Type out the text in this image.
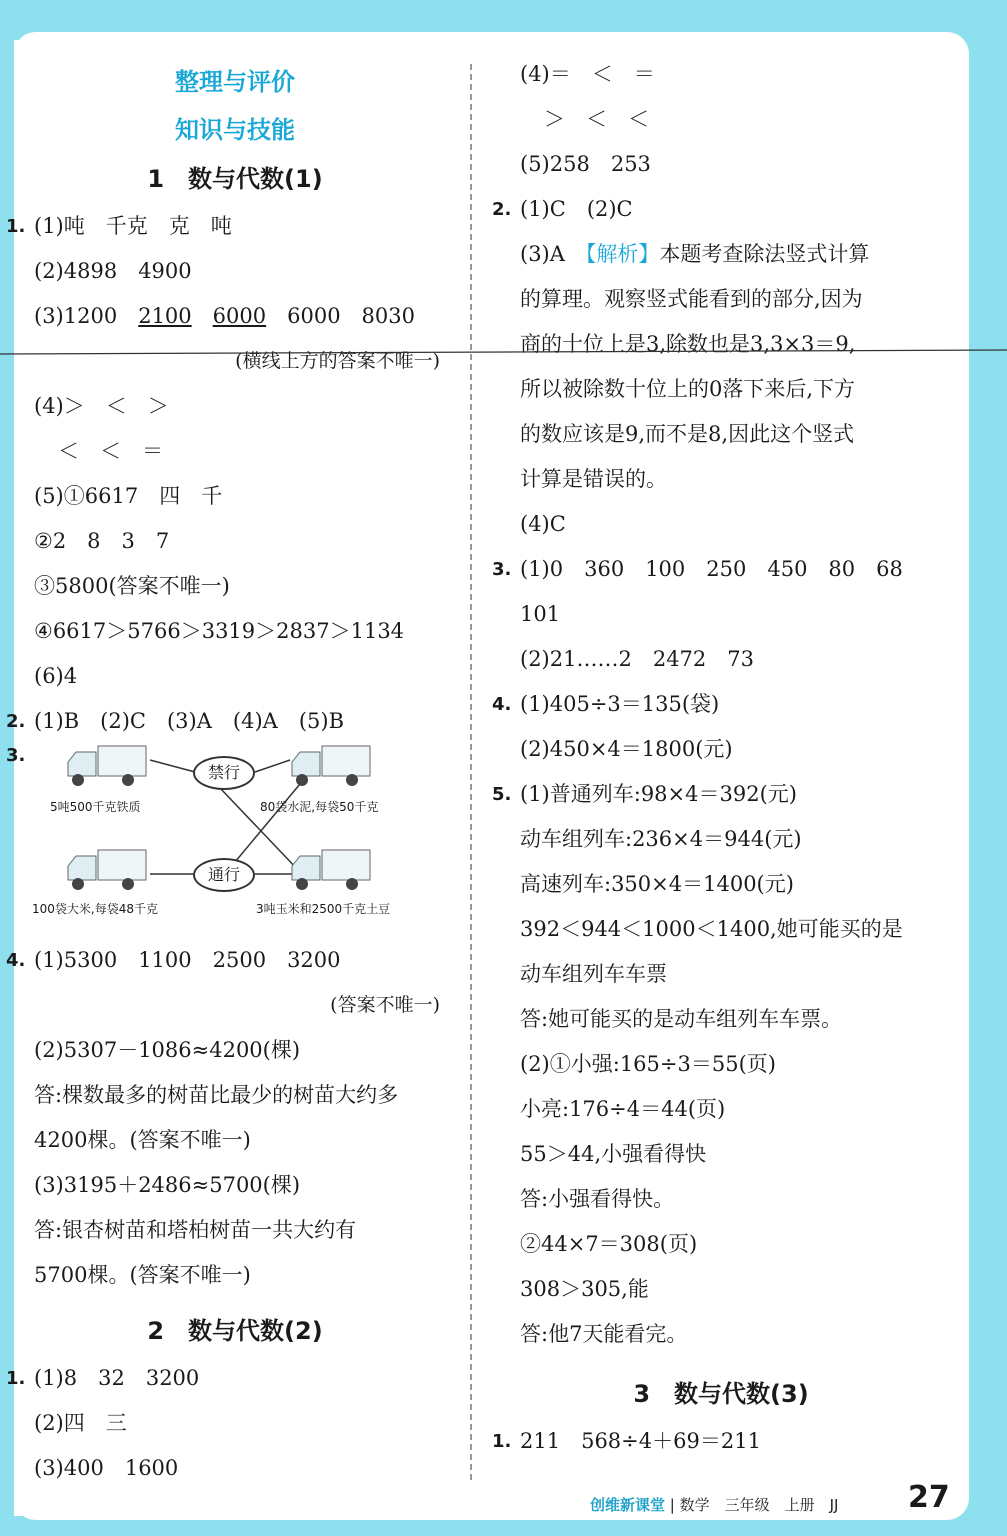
整理与评价
知识与技能
1　 数与代数(1)
1. (1)吨　千克　克　吨
(2)4898　4900
(3)1200　2100　 6000　6000　8030
(横线上方的答案不唯一)
(4)＞　＜　＞
＜　＜　＝
(5)①6617　四　千
②2　8　3　7
③5800(答案不唯一)
④6617＞5766＞3319＞2837＞1134
(6)4
2. (1)B　(2)C　(3)A　(4)A　(5)B
3.
5吨500千克铁质	80袋水泥,每袋50千克
禁行
100袋大米,每袋48千克	3吨玉米和2500千克土豆
通行
4. (1)5300　1100　2500　3200
(答案不唯一)
(2)5307－1086≈4200(棵)
答:棵数最多的树苗比最少的树苗大约多
4200棵。(答案不唯一)
(3)3195＋2486≈5700(棵)
答:银杏树苗和塔柏树苗一共大约有
5700棵。(答案不唯一)
2　 数与代数(2)
1. (1)8　32　3200
(2)四　三
(3)400　1600
(4)＝　＜　＝
＞　＜　＜
(5)258　253
2. (1)C　(2)C
(3)A　【解析】本题考查除法竖式计算
的算理。观察竖式能看到的部分,因为
商的十位上是3,除数也是3,3×3＝9,
所以被除数十位上的0落下来后,下方
的数应该是9,而不是8,因此这个竖式
计算是错误的。
(4)C
3. (1)0　360　100　250　450　80　68
101
(2)21……2　2472　73
4. (1)405÷3＝135(袋)
(2)450×4＝1800(元)
5. (1)普通列车:98×4＝392(元)
动车组列车:236×4＝944(元)
高速列车:350×4＝1400(元)
392＜944＜1000＜1400,她可能买的是
动车组列车车票
答:她可能买的是动车组列车车票。
(2)①小强:165÷3＝55(页)
小亮:176÷4＝44(页)
55＞44,小强看得快
答:小强看得快。
②44×7＝308(页)
308＞305,能
答:他7天能看完。
3　 数与代数(3)
1. 211　568÷4＋69＝211
创维新课堂 | 数学　三年级　上册　JJ 27
